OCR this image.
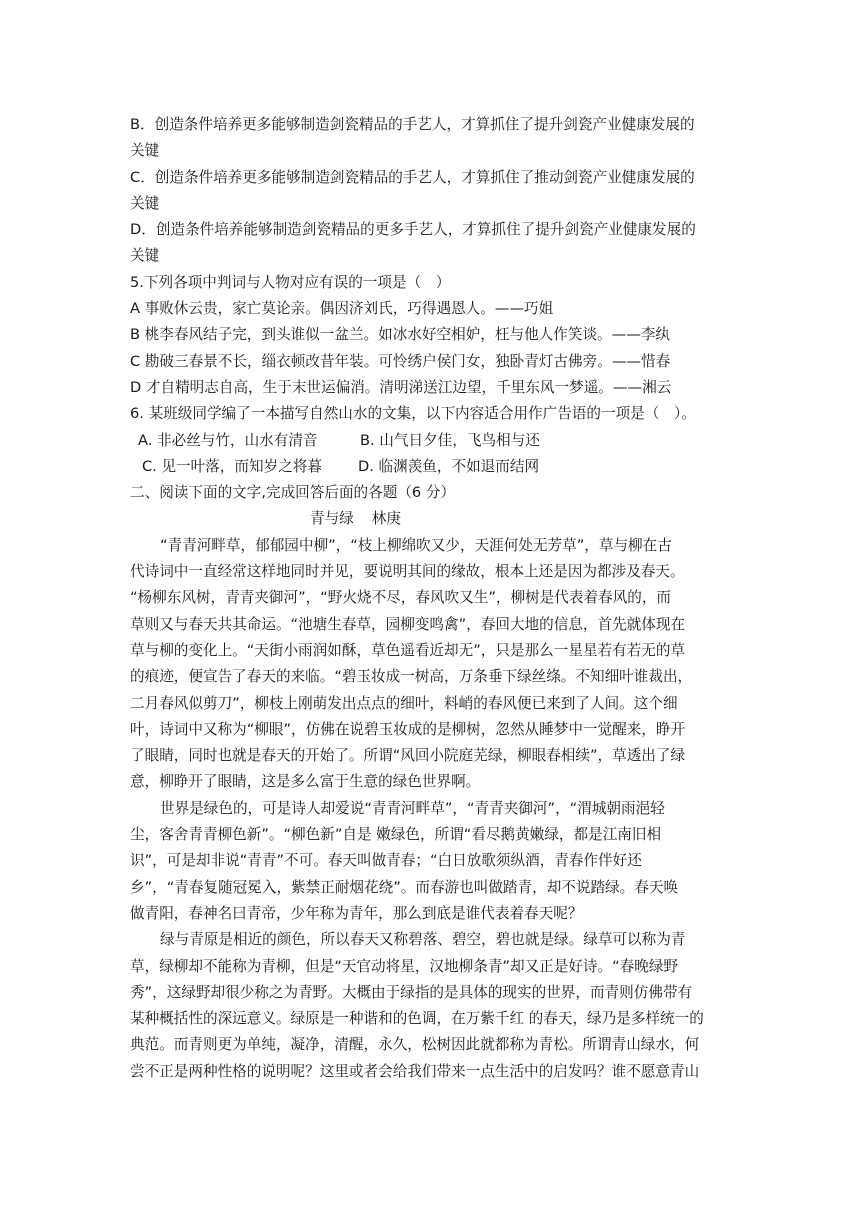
B．创造条件培养更多能够制造剑瓷精品的手艺人，才算抓住了提升剑瓷产业健康发展的
关键
C．创造条件培养更多能够制造剑瓷精品的手艺人，才算抓住了推动剑瓷产业健康发展的
关键
D．创造条件培养能够制造剑瓷精品的更多手艺人，才算抓住了提升剑瓷产业健康发展的
关键
5.下列各项中判词与人物对应有误的一项是（　）
A 事败休云贵，家亡莫论亲。偶因济刘氏，巧得遇恩人。——巧姐
B 桃李春风结子完，到头谁似一盆兰。如冰水好空相妒，枉与他人作笑谈。——李纨
C 勘破三春景不长，缁衣顿改昔年装。可怜绣户侯门女，独卧青灯古佛旁。——惜春
D 才自精明志自高，生于末世运偏消。清明涕送江边望，千里东风一梦遥。——湘云
6. 某班级同学编了一本描写自然山水的文集，以下内容适合用作广告语的一项是（　）。
A. 非必丝与竹，山水有清音	B. 山气日夕佳，飞鸟相与还
C. 见一叶落，而知岁之将暮 D. 临渊羡鱼，不如退而结网
二、阅读下面的文字,完成回答后面的各题（6 分）
青与绿 林庚
“青青河畔草，郁郁园中柳”，“枝上柳绵吹又少，天涯何处无芳草”，草与柳在古
代诗词中一直经常这样地同时并见，要说明其间的缘故，根本上还是因为都涉及春天。
“杨柳东风树，青青夹御河”，“野火烧不尽，春风吹又生”，柳树是代表着春风的，而
草则又与春天共其命运。“池塘生春草，园柳变鸣禽”，春回大地的信息，首先就体现在
草与柳的变化上。“天街小雨润如酥，草色遥看近却无”，只是那么一星星若有若无的草
的痕迹，便宣告了春天的来临。“碧玉妆成一树高，万条垂下绿丝绦。不知细叶谁裁出，
二月春风似剪刀”，柳枝上刚萌发出点点的细叶，料峭的春风便已来到了人间。这个细
叶，诗词中又称为“柳眼”，仿佛在说碧玉妆成的是柳树，忽然从睡梦中一觉醒来，睁开
了眼睛，同时也就是春天的开始了。所谓“风回小院庭芜绿，柳眼春相续”，草透出了绿
意，柳睁开了眼睛，这是多么富于生意的绿色世界啊。
世界是绿色的，可是诗人却爱说“青青河畔草”，“青青夹御河”，“渭城朝雨浥轻
尘，客舍青青柳色新”。“柳色新”自是 嫩绿色，所谓“看尽鹅黄嫩绿，都是江南旧相
识”，可是却非说“青青”不可。春天叫做青春；“白日放歌须纵酒，青春作伴好还
乡”，“青春复随冠冕入，紫禁正耐烟花绕”。而春游也叫做踏青，却不说踏绿。春天唤
做青阳，春神名曰青帝，少年称为青年，那么到底是谁代表着春天呢？
绿与青原是相近的颜色，所以春天又称碧落、碧空，碧也就是绿。绿草可以称为青
草，绿柳却不能称为青柳，但是“天官动将星，汉地柳条青”却又正是好诗。“春晚绿野
秀”，这绿野却很少称之为青野。大概由于绿指的是具体的现实的世界，而青则仿佛带有
某种概括性的深远意义。绿原是一种谐和的色调，在万紫千红 的春天，绿乃是多样统一的
典范。而青则更为单纯，凝净，清醒，永久，松树因此就都称为青松。所谓青山绿水，何
尝不正是两种性格的说明呢？这里或者会给我们带来一点生活中的启发吗？谁不愿意青山
